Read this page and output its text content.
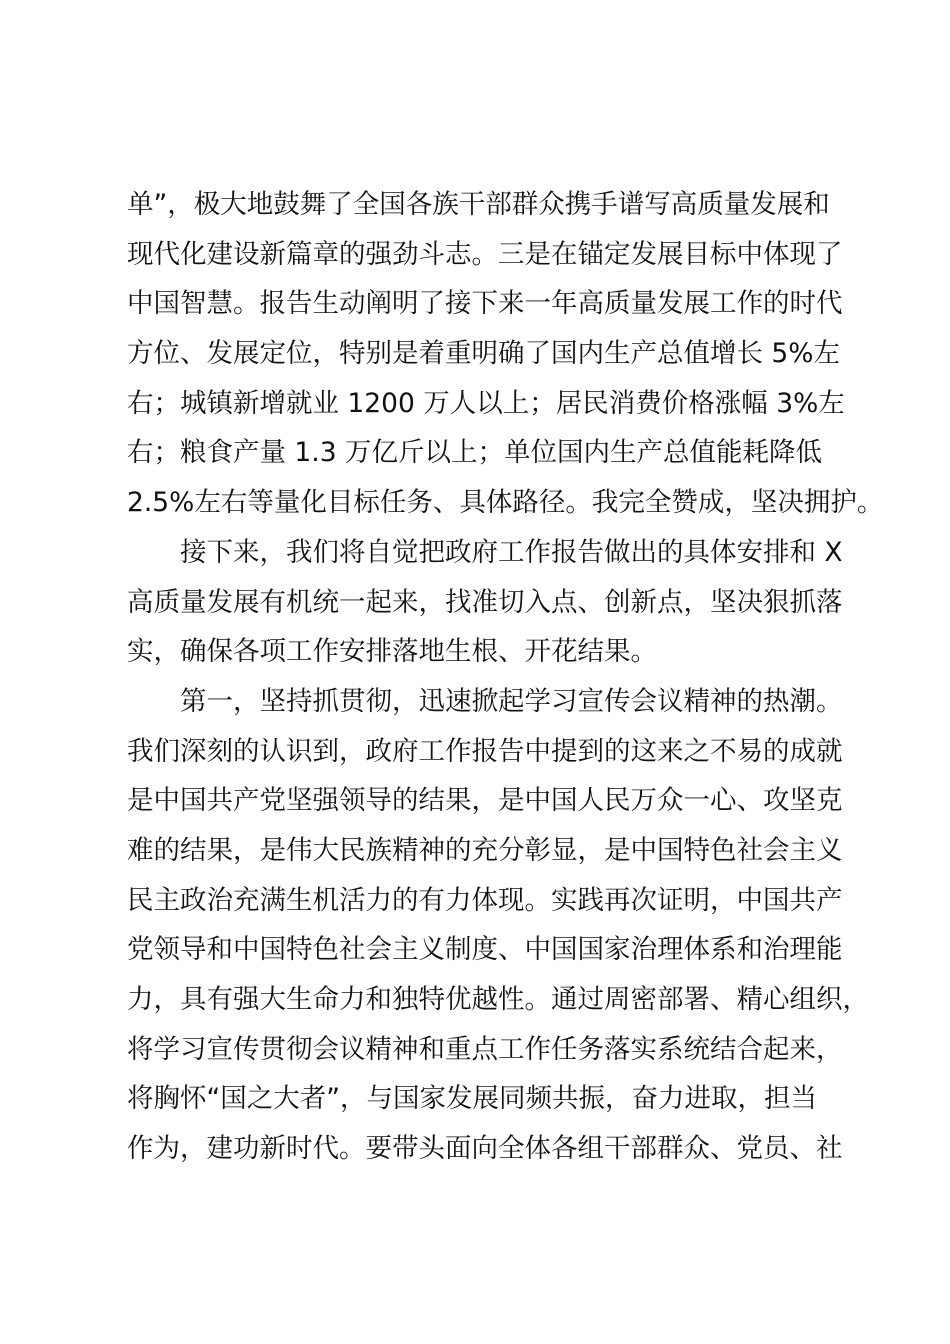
单”，极大地鼓舞了全国各族干部群众携手谱写高质量发展和
现代化建设新篇章的强劲斗志。三是在锚定发展目标中体现了
中国智慧。报告生动阐明了接下来一年高质量发展工作的时代
方位、发展定位，特别是着重明确了国内生产总值增长 5%左
右；城镇新增就业 1200 万人以上；居民消费价格涨幅 3%左
右；粮食产量 1.3 万亿斤以上；单位国内生产总值能耗降低
2.5%左右等量化目标任务、具体路径。我完全赞成，坚决拥护。
接下来，我们将自觉把政府工作报告做出的具体安排和 X
高质量发展有机统一起来，找准切入点、创新点，坚决狠抓落
实，确保各项工作安排落地生根、开花结果。
第一，坚持抓贯彻，迅速掀起学习宣传会议精神的热潮。
我们深刻的认识到，政府工作报告中提到的这来之不易的成就
是中国共产党坚强领导的结果，是中国人民万众一心、攻坚克
难的结果，是伟大民族精神的充分彰显，是中国特色社会主义
民主政治充满生机活力的有力体现。实践再次证明，中国共产
党领导和中国特色社会主义制度、中国国家治理体系和治理能
力，具有强大生命力和独特优越性。通过周密部署、精心组织，
将学习宣传贯彻会议精神和重点工作任务落实系统结合起来，
将胸怀“国之大者”，与国家发展同频共振，奋力进取，担当
作为，建功新时代。要带头面向全体各组干部群众、党员、社
